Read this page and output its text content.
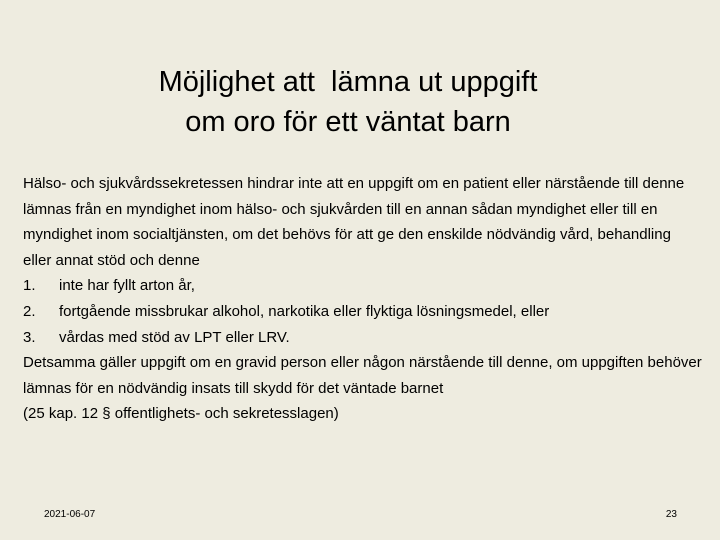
Möjlighet att  lämna ut uppgift
om oro för ett väntat barn

Hälso- och sjukvårdssekretessen hindrar inte att en uppgift om en patient eller närstående till denne lämnas från en myndighet inom hälso- och sjukvården till en annan sådan myndighet eller till en myndighet inom socialtjänsten, om det behövs för att ge den enskilde nödvändig vård, behandling eller annat stöd och denne

1.	inte har fyllt arton år,
2.	fortgående missbrukar alkohol, narkotika eller flyktiga lösningsmedel, eller
3.	vårdas med stöd av LPT eller LRV.

Detsamma gäller uppgift om en gravid person eller någon närstående till denne, om uppgiften behöver lämnas för en nödvändig insats till skydd för det väntade barnet

(25 kap. 12 § offentlighets- och sekretesslagen)

2021-06-07	23
